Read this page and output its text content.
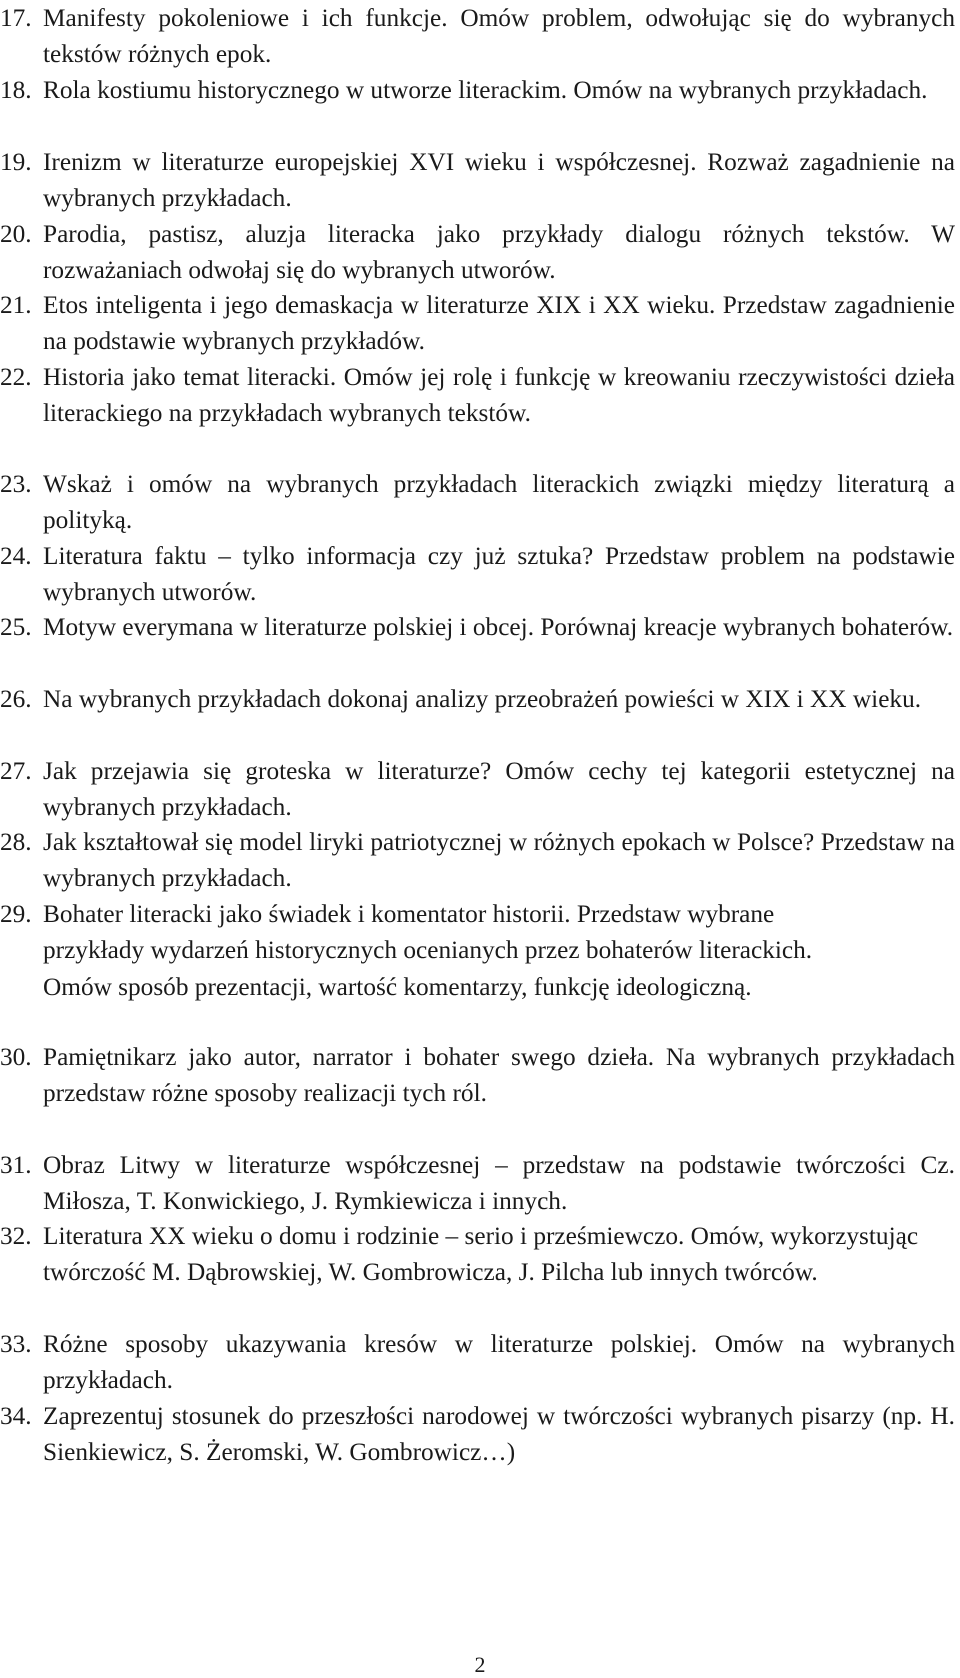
17. Manifesty pokoleniowe i ich funkcje. Omów problem, odwołując się do wybranych tekstów różnych epok.
18. Rola kostiumu historycznego w utworze literackim. Omów na wybranych przykładach.
19. Irenizm w literaturze europejskiej XVI wieku i współczesnej. Rozważ zagadnienie na wybranych przykładach.
20. Parodia, pastisz, aluzja literacka jako przykłady dialogu różnych tekstów. W rozważaniach odwołaj się do wybranych utworów.
21. Etos inteligenta i jego demaskacja w literaturze XIX i XX wieku. Przedstaw zagadnienie na podstawie wybranych przykładów.
22. Historia jako temat literacki. Omów jej rolę i funkcję w kreowaniu rzeczywistości dzieła literackiego na przykładach wybranych tekstów.
23. Wskaż i omów na wybranych przykładach literackich związki między literaturą a polityką.
24. Literatura faktu – tylko informacja czy już sztuka? Przedstaw problem na podstawie wybranych utworów.
25. Motyw everymana w literaturze polskiej i obcej. Porównaj kreacje wybranych bohaterów.
26. Na wybranych przykładach dokonaj analizy przeobrażeń powieści w XIX i XX wieku.
27. Jak przejawia się groteska w literaturze? Omów cechy tej kategorii estetycznej na wybranych przykładach.
28. Jak kształtował się model liryki patriotycznej w różnych epokach w Polsce? Przedstaw na wybranych przykładach.
29. Bohater literacki jako świadek i komentator historii. Przedstaw wybrane przykłady wydarzeń historycznych ocenianych przez bohaterów literackich. Omów sposób prezentacji, wartość komentarzy, funkcję ideologiczną.
30. Pamiętnikarz jako autor, narrator i bohater swego dzieła. Na wybranych przykładach przedstaw różne sposoby realizacji tych ról.
31. Obraz Litwy w literaturze współczesnej – przedstaw na podstawie twórczości Cz. Miłosza, T. Konwickiego, J. Rymkiewicza i innych.
32. Literatura XX wieku o domu i rodzinie – serio i prześmiewczo. Omów, wykorzystując twórczość M. Dąbrowskiej, W. Gombrowicza, J. Pilcha lub innych twórców.
33. Różne sposoby ukazywania kresów w literaturze polskiej. Omów na wybranych przykładach.
34. Zaprezentuj stosunek do przeszłości narodowej w twórczości wybranych pisarzy (np. H. Sienkiewicz, S. Żeromski, W. Gombrowicz…)
2
